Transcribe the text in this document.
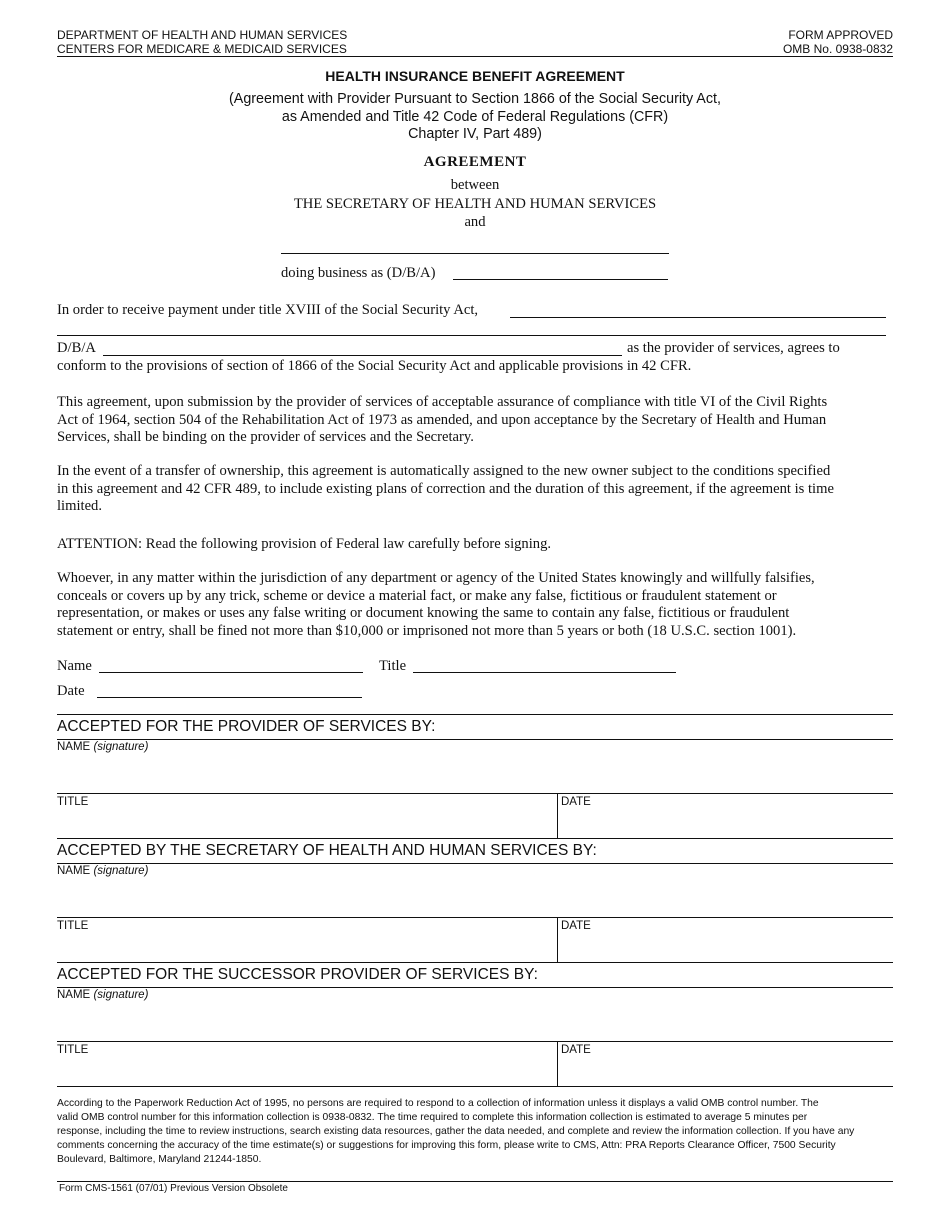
DEPARTMENT OF HEALTH AND HUMAN SERVICES
CENTERS FOR MEDICARE & MEDICAID SERVICES
FORM APPROVED
OMB No. 0938-0832
HEALTH INSURANCE BENEFIT AGREEMENT
(Agreement with Provider Pursuant to Section 1866 of the Social Security Act,
as Amended and Title 42 Code of Federal Regulations (CFR)
Chapter IV, Part 489)
AGREEMENT
between
THE SECRETARY OF HEALTH AND HUMAN SERVICES
and
doing business as (D/B/A)
In order to receive payment under title XVIII of the Social Security Act,
D/B/A	as the provider of services, agrees to
conform to the provisions of section of 1866 of the Social Security Act and applicable provisions in 42 CFR.
This agreement, upon submission by the provider of services of acceptable assurance of compliance with title VI of the Civil Rights
Act of 1964, section 504 of the Rehabilitation Act of 1973 as amended, and upon acceptance by the Secretary of Health and Human
Services, shall be binding on the provider of services and the Secretary.
In the event of a transfer of ownership, this agreement is automatically assigned to the new owner subject to the conditions specified
in this agreement and 42 CFR 489, to include existing plans of correction and the duration of this agreement, if the agreement is time
limited.
ATTENTION: Read the following provision of Federal law carefully before signing.
Whoever, in any matter within the jurisdiction of any department or agency of the United States knowingly and willfully falsifies,
conceals or covers up by any trick, scheme or device a material fact, or make any false, fictitious or fraudulent statement or
representation, or makes or uses any false writing or document knowing the same to contain any false, fictitious or fraudulent
statement or entry, shall be fined not more than $10,000 or imprisoned not more than 5 years or both (18 U.S.C. section 1001).
Name	Title
Date
ACCEPTED FOR THE PROVIDER OF SERVICES BY:
NAME (signature)
TITLE	DATE
ACCEPTED BY THE SECRETARY OF HEALTH AND HUMAN SERVICES BY:
NAME (signature)
TITLE	DATE
ACCEPTED FOR THE SUCCESSOR PROVIDER OF SERVICES BY:
NAME (signature)
TITLE	DATE
According to the Paperwork Reduction Act of 1995, no persons are required to respond to a collection of information unless it displays a valid OMB control number. The
valid OMB control number for this information collection is 0938-0832. The time required to complete this information collection is estimated to average 5 minutes per
response, including the time to review instructions, search existing data resources, gather the data needed, and complete and review the information collection. If you have any
comments concerning the accuracy of the time estimate(s) or suggestions for improving this form, please write to CMS, Attn: PRA Reports Clearance Officer, 7500 Security
Boulevard, Baltimore, Maryland 21244-1850.
Form CMS-1561 (07/01) Previous Version Obsolete
